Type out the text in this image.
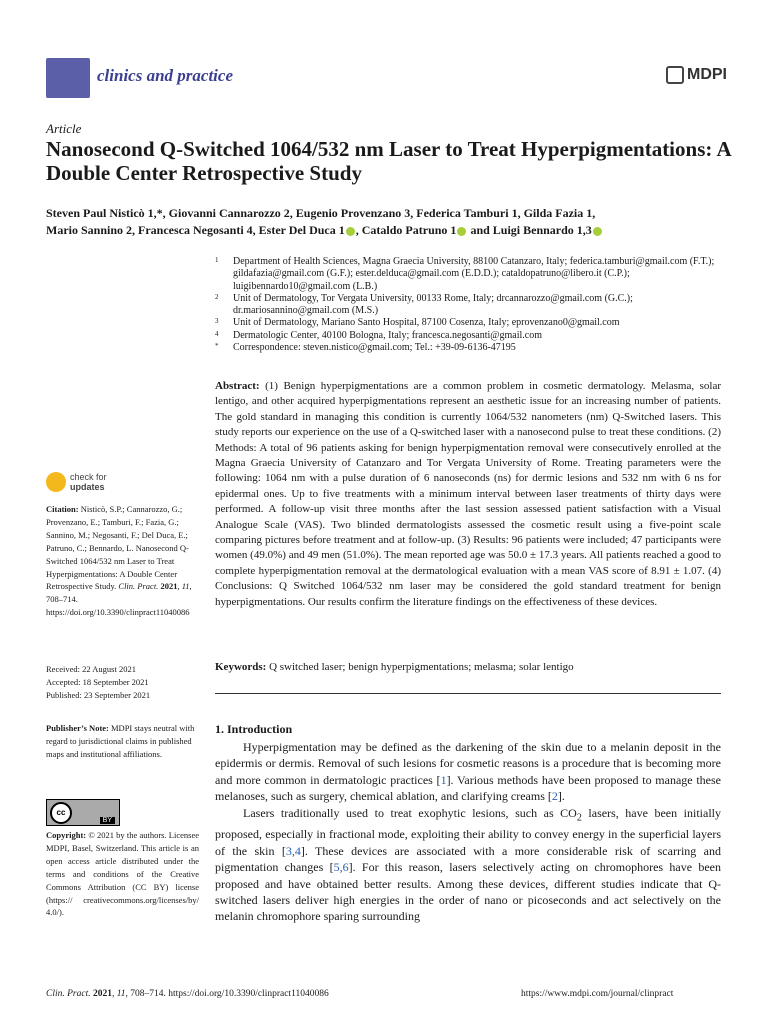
clinics and practice	MDPI
Article
Nanosecond Q-Switched 1064/532 nm Laser to Treat Hyperpigmentations: A Double Center Retrospective Study
Steven Paul Nisticò 1,*, Giovanni Cannarozzo 2, Eugenio Provenzano 3, Federica Tamburi 1, Gilda Fazia 1,
Mario Sannino 2, Francesca Negosanti 4, Ester Del Duca 1 , Cataldo Patruno 1 and Luigi Bennardo 1,3
1 Department of Health Sciences, Magna Graecia University, 88100 Catanzaro, Italy; federica.tamburi@gmail.com (F.T.); gildafazia@gmail.com (G.F.); ester.delduca@gmail.com (E.D.D.); cataldopatruno@libero.it (C.P.); luigibennardo10@gmail.com (L.B.)
2 Unit of Dermatology, Tor Vergata University, 00133 Rome, Italy; drcannarozzo@gmail.com (G.C.); dr.mariosannino@gmail.com (M.S.)
3 Unit of Dermatology, Mariano Santo Hospital, 87100 Cosenza, Italy; eprovenzano0@gmail.com
4 Dermatologic Center, 40100 Bologna, Italy; francesca.negosanti@gmail.com
* Correspondence: steven.nistico@gmail.com; Tel.: +39-09-6136-47195
Abstract: (1) Benign hyperpigmentations are a common problem in cosmetic dermatology. Melasma, solar lentigo, and other acquired hyperpigmentations represent an aesthetic issue for an increasing number of patients. The gold standard in managing this condition is currently 1064/532 nanometers (nm) Q-Switched lasers. This study reports our experience on the use of a Q-switched laser with a nanosecond pulse to treat these conditions. (2) Methods: A total of 96 patients asking for benign hyperpigmentation removal were consecutively enrolled at the Magna Graecia University of Catanzaro and Tor Vergata University of Rome. Treating parameters were the following: 1064 nm with a pulse duration of 6 nanoseconds (ns) for dermic lesions and 532 nm with 6 ns for epidermal ones. Up to five treatments with a minimum interval between laser treatments of thirty days were performed. A follow-up visit three months after the last session assessed patient satisfaction with a Visual Analogue Scale (VAS). Two blinded dermatologists assessed the cosmetic result using a five-point scale comparing pictures before treatment and at follow-up. (3) Results: 96 patients were included; 47 participants were women (49.0%) and 49 men (51.0%). The mean reported age was 50.0 ± 17.3 years. All patients reached a good to complete hyperpigmentation removal at the dermatological evaluation with a mean VAS score of 8.91 ± 1.07. (4) Conclusions: Q Switched 1064/532 nm laser may be considered the gold standard treatment for benign hyperpigmentations. Our results confirm the literature findings on the effectiveness of these devices.
Keywords: Q switched laser; benign hyperpigmentations; melasma; solar lentigo
check for
updates
Citation: Nisticò, S.P.; Cannarozzo, G.; Provenzano, E.; Tamburi, F.; Fazia, G.; Sannino, M.; Negosanti, F.; Del Duca, E.; Patruno, C.; Bennardo, L. Nanosecond Q-Switched 1064/532 nm Laser to Treat Hyperpigmentations: A Double Center Retrospective Study. Clin. Pract. 2021, 11, 708–714. https://doi.org/10.3390/clinpract11040086
Received: 22 August 2021
Accepted: 18 September 2021
Published: 23 September 2021
Publisher’s Note: MDPI stays neutral with regard to jurisdictional claims in published maps and institutional affiliations.
cc
BY
Copyright: © 2021 by the authors. Licensee MDPI, Basel, Switzerland. This article is an open access article distributed under the terms and conditions of the Creative Commons Attribution (CC BY) license (https:// creativecommons.org/licenses/by/ 4.0/).
1. Introduction

Hyperpigmentation may be defined as the darkening of the skin due to a melanin deposit in the epidermis or dermis. Removal of such lesions for cosmetic reasons is a procedure that is becoming more and more common in dermatologic practices [1]. Various methods have been proposed to manage these melanoses, such as surgery, chemical ablation, and clarifying creams [2].

Lasers traditionally used to treat exophytic lesions, such as $CO_2$ lasers, have been initially proposed, especially in fractional mode, exploiting their ability to convey energy in the superficial layers of the skin [3,4]. These devices are associated with a more considerable risk of scarring and pigmentation changes [5,6]. For this reason, lasers selectively acting on chromophores have been proposed and have obtained better results. Among these devices, different studies indicate that Q-switched lasers deliver high energies in the order of nano or picoseconds and act selectively on the melanin chromophore sparing surrounding

Clin. Pract. 2021, 11, 708–714. https://doi.org/10.3390/clinpract11040086	https://www.mdpi.com/journal/clinpract
